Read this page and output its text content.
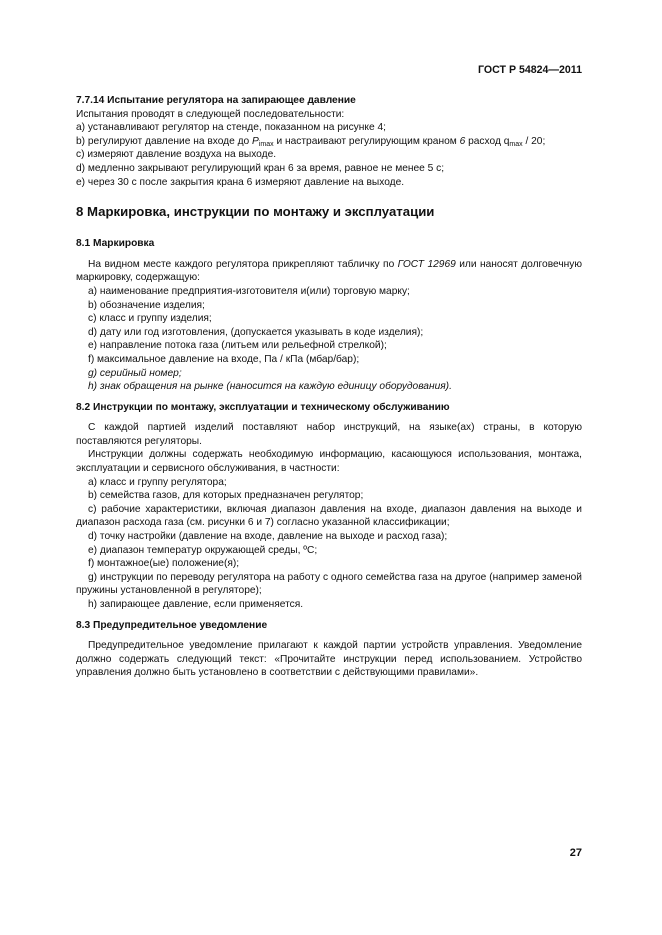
ГОСТ Р 54824—2011

7.7.14 Испытание регулятора на запирающее давление

Испытания проводят в следующей последовательности:

а) устанавливают регулятор на стенде, показанном на рисунке 4;

b) регулируют давление на входе до $P_{imax}$ и настраивают регулирующим краном 6 расход $q_{max} / 20$;

c) измеряют давление воздуха на выходе.

d) медленно закрывают регулирующий кран 6 за время, равное не менее 5 с;

е) через 30 с после закрытия крана 6 измеряют давление на выходе.

8 Маркировка, инструкции по монтажу и эксплуатации

8.1 Маркировка

На видном месте каждого регулятора прикрепляют табличку по ГОСТ 12969 или наносят долговечную маркировку, содержащую:

а) наименование предприятия-изготовителя и(или) торговую марку;

b) обозначение изделия;

c) класс и группу изделия;

d) дату или год изготовления, (допускается указывать в коде изделия);

e) направление потока газа (литьем или рельефной стрелкой);

f) максимальное давление на входе, Па / кПа (мбар/бар);

g) серийный номер;

h) знак обращения на рынке (наносится на каждую единицу оборудования).

8.2 Инструкции по монтажу, эксплуатации и техническому обслуживанию

С каждой партией изделий поставляют набор инструкций, на языке(ах) страны, в которую поставляются регуляторы.

Инструкции должны содержать необходимую информацию, касающуюся использования, монтажа, эксплуатации и сервисного обслуживания, в частности:

а) класс и группу регулятора;

b) семейства газов, для которых предназначен регулятор;

c) рабочие характеристики, включая диапазон давления на входе, диапазон давления на выходе и диапазон расхода газа (см. рисунки 6 и 7) согласно указанной классификации;

d) точку настройки (давление на входе, давление на выходе и расход газа);

e) диапазон температур окружающей среды, ºС;

f) монтажное(ые) положение(я);

g) инструкции по переводу регулятора на работу с одного семейства газа на другое (например заменой пружины установленной в регуляторе);

h) запирающее давление, если применяется.

8.3 Предупредительное уведомление

Предупредительное уведомление прилагают к каждой партии устройств управления. Уведомление должно содержать следующий текст: «Прочитайте инструкции перед использованием. Устройство управления должно быть установлено в соответствии с действующими правилами».

27
